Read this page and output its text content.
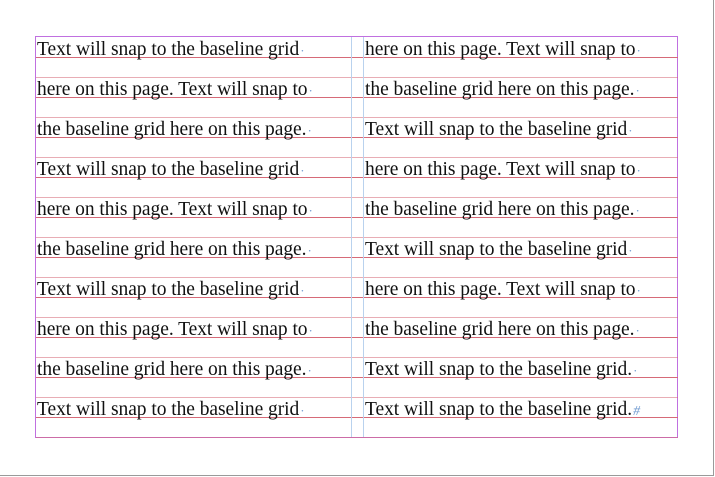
Text will snap to the baseline grid·
here on this page. Text will snap to·
the baseline grid here on this page.·
Text will snap to the baseline grid·
here on this page. Text will snap to·
the baseline grid here on this page.·
Text will snap to the baseline grid·
here on this page. Text will snap to·
the baseline grid here on this page.·
Text will snap to the baseline grid·
here on this page. Text will snap to·
the baseline grid here on this page.·
Text will snap to the baseline grid·
here on this page. Text will snap to·
the baseline grid here on this page.·
Text will snap to the baseline grid·
here on this page. Text will snap to·
the baseline grid here on this page.·
Text will snap to the baseline grid.·
Text will snap to the baseline grid.#
